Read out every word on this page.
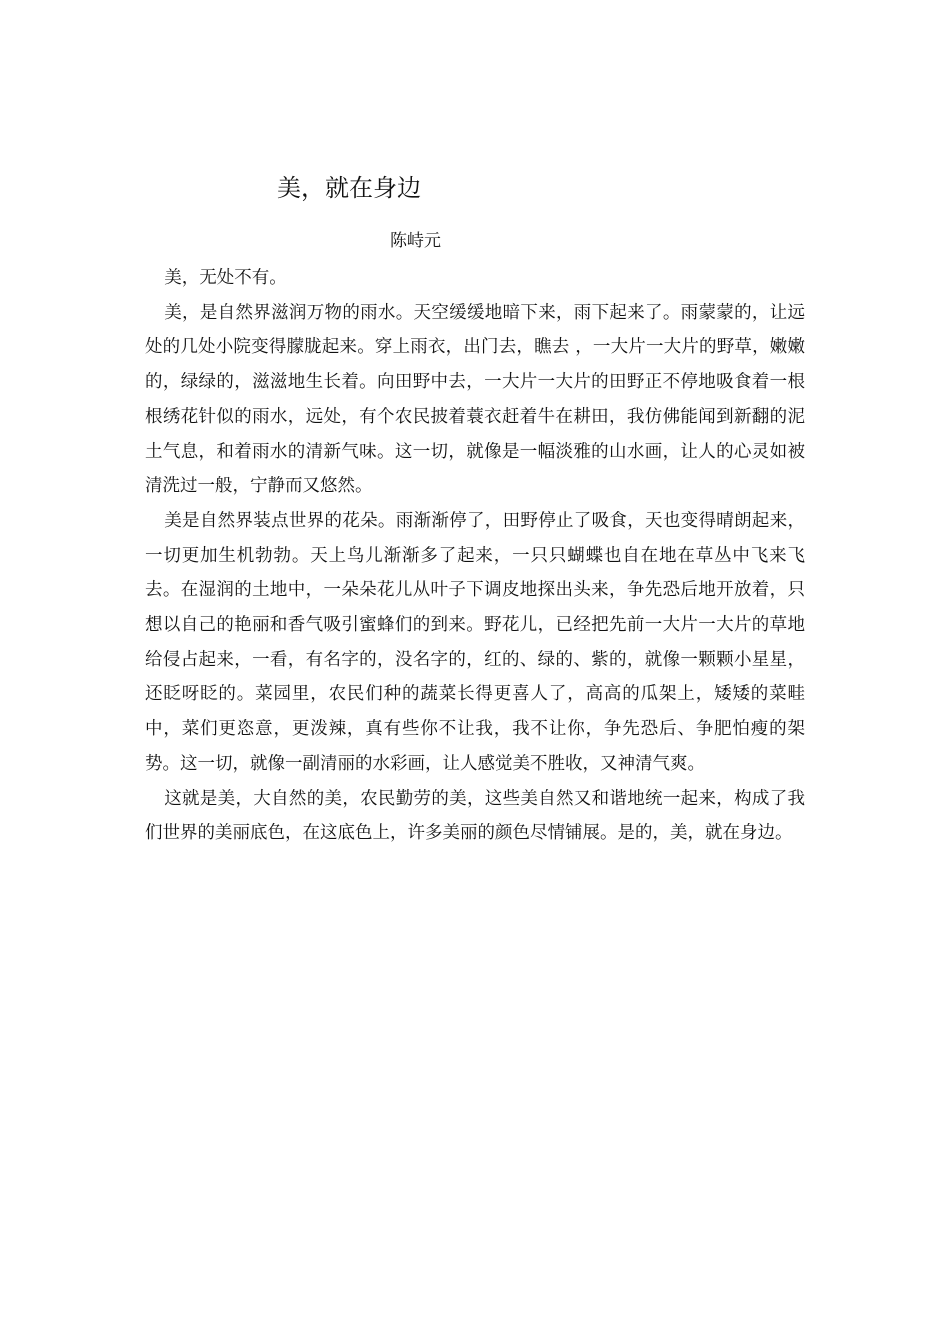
美，就在身边
陈峙元

美，无处不有。

美，是自然界滋润万物的雨水。天空缓缓地暗下来，雨下起来了。雨蒙蒙的，让远处的几处小院变得朦胧起来。穿上雨衣，出门去，瞧去 ，一大片一大片的野草，嫩嫩的，绿绿的，滋滋地生长着。向田野中去，一大片一大片的田野正不停地吸食着一根根绣花针似的雨水，远处，有个农民披着蓑衣赶着牛在耕田，我仿佛能闻到新翻的泥土气息，和着雨水的清新气味。这一切，就像是一幅淡雅的山水画，让人的心灵如被清洗过一般，宁静而又悠然。

美是自然界装点世界的花朵。雨渐渐停了，田野停止了吸食，天也变得晴朗起来，一切更加生机勃勃。天上鸟儿渐渐多了起来，一只只蝴蝶也自在地在草丛中飞来飞去。在湿润的土地中，一朵朵花儿从叶子下调皮地探出头来，争先恐后地开放着，只想以自己的艳丽和香气吸引蜜蜂们的到来。野花儿，已经把先前一大片一大片的草地给侵占起来，一看，有名字的，没名字的，红的、绿的、紫的，就像一颗颗小星星，还眨呀眨的。菜园里，农民们种的蔬菜长得更喜人了，高高的瓜架上，矮矮的菜畦中，菜们更恣意，更泼辣，真有些你不让我，我不让你，争先恐后、争肥怕瘦的架势。这一切，就像一副清丽的水彩画，让人感觉美不胜收，又神清气爽。

这就是美，大自然的美，农民勤劳的美，这些美自然又和谐地统一起来，构成了我们世界的美丽底色，在这底色上，许多美丽的颜色尽情铺展。是的，美，就在身边。
